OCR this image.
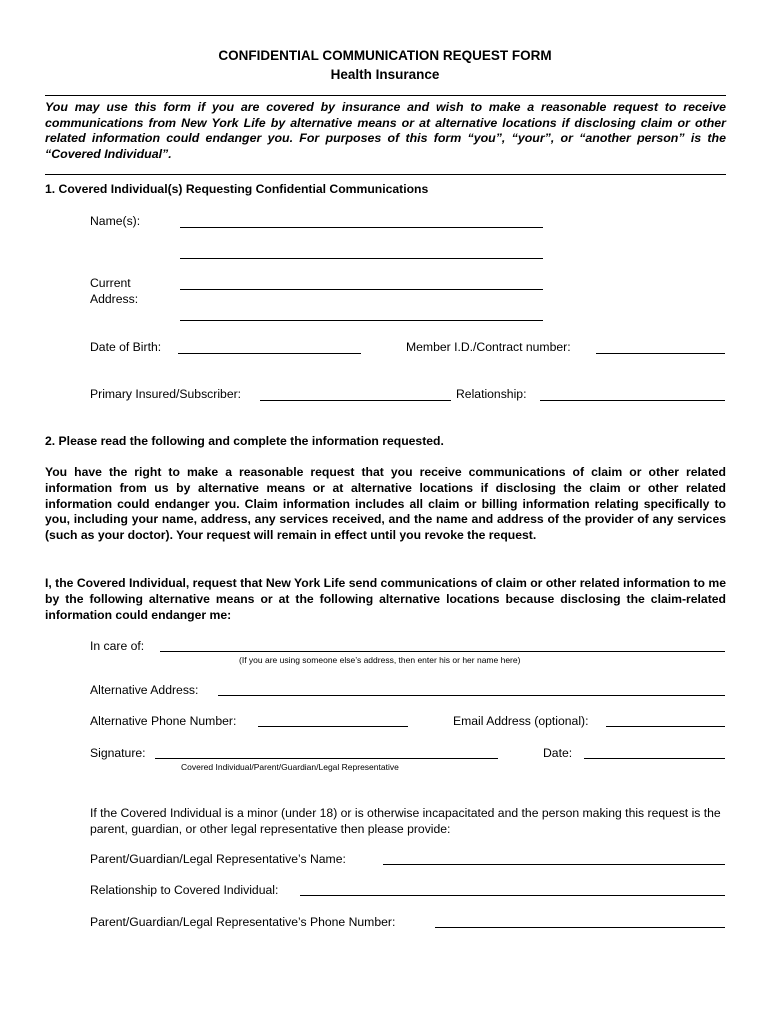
CONFIDENTIAL COMMUNICATION REQUEST FORM
Health Insurance
You may use this form if you are covered by insurance and wish to make a reasonable request to receive communications from New York Life by alternative means or at alternative locations if disclosing claim or other related information could endanger you. For purposes of this form “you”, “your”, or “another person” is the “Covered Individual”.
1. Covered Individual(s) Requesting Confidential Communications
Name(s):
Current
Address:
Date of Birth:	Member I.D./Contract number:
Primary Insured/Subscriber:	Relationship:
2. Please read the following and complete the information requested.
You have the right to make a reasonable request that you receive communications of claim or other related information from us by alternative means or at alternative locations if disclosing the claim or other related information could endanger you. Claim information includes all claim or billing information relating specifically to you, including your name, address, any services received, and the name and address of the provider of any services (such as your doctor). Your request will remain in effect until you revoke the request.
I, the Covered Individual, request that New York Life send communications of claim or other related information to me by the following alternative means or at the following alternative locations because disclosing the claim-related information could endanger me:
In care of:
(If you are using someone else’s address, then enter his or her name here)
Alternative Address:
Alternative Phone Number:	Email Address (optional):
Signature:
Covered Individual/Parent/Guardian/Legal Representative
Date:
If the Covered Individual is a minor (under 18) or is otherwise incapacitated and the person making this request is the parent, guardian, or other legal representative then please provide:
Parent/Guardian/Legal Representative’s Name:
Relationship to Covered Individual:
Parent/Guardian/Legal Representative’s Phone Number:
